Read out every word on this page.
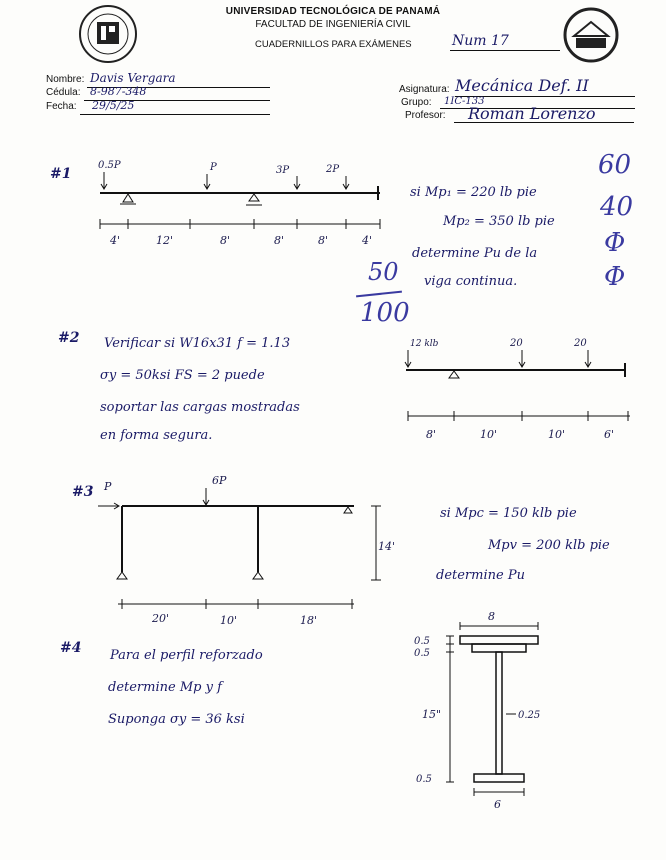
UNIVERSIDAD TECNOLÓGICA DE PANAMÁ
FACULTAD DE INGENIERÍA CIVIL
CUADERNILLOS PARA EXÁMENES	Num 17
Nombre: Davis Vergara
Cédula: 8-987-348
Fecha: 29/5/25
Asignatura: Mecánica Def. II
Grupo: 1IC-133
Profesor: Roman Lorenzo
60
40
Φ
Φ
50
100
#1
0.5P	P	3P	2P
4'	12'	8'	8'	8'	4'
si Mp₁ = 220 lb pie
Mp₂ = 350 lb pie
determine Pu de la
viga continua.
#2 Verificar si W16x31 f = 1.13
σy = 50ksi FS = 2 puede
soportar las cargas mostradas
en forma segura.
12 klb	20	20
8'	10'	10'	6'
#3 P	6P
14'
20'	10'	18'
si Mpc = 150 klb pie
Mpv = 200 klb pie
determine Pu
#4 Para el perfil reforzado
determine Mp y f
Suponga σy = 36 ksi
8
0.5
0.5
15"	0.25
0.5
6
